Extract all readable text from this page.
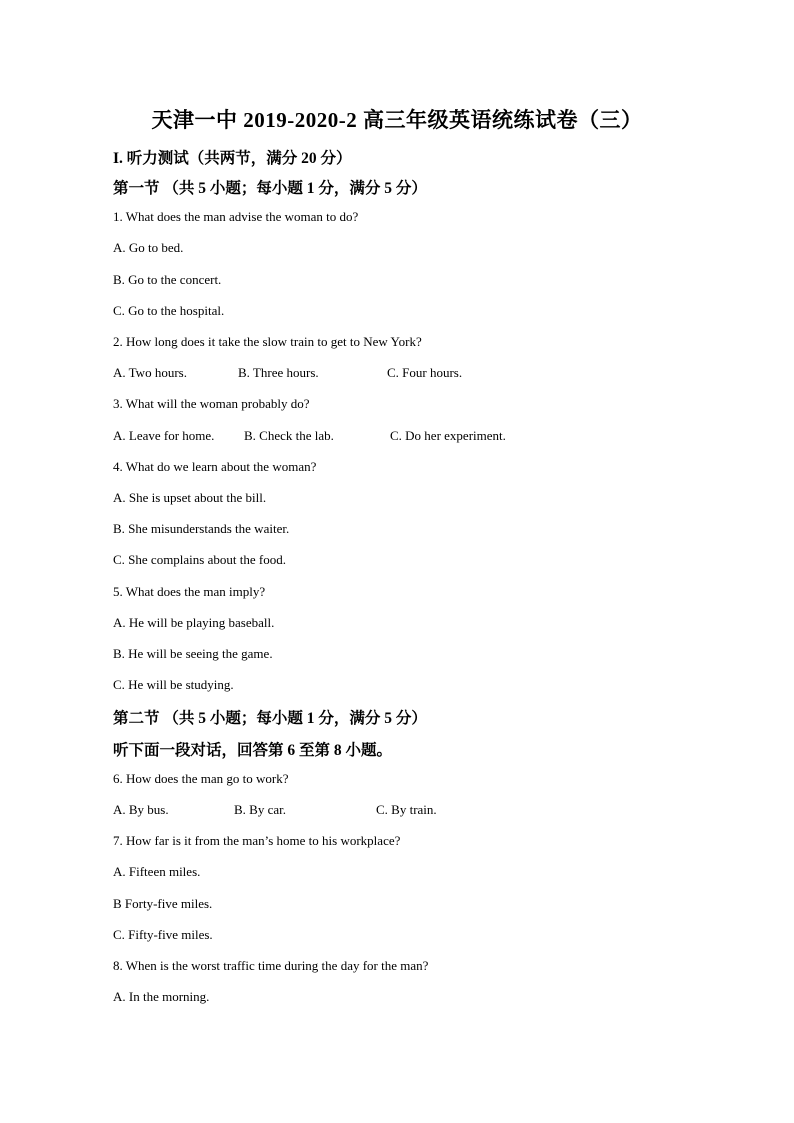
天津一中 2019-2020-2 高三年级英语统练试卷（三）
I. 听力测试（共两节，满分 20 分）
第一节 （共 5 小题；每小题 1 分，满分 5 分）
1. What does the man advise the woman to do?
A. Go to bed.
B. Go to the concert.
C. Go to the hospital.
2. How long does it take the slow train to get to New York?
A. Two hours.	B. Three hours.	C. Four hours.
3. What will the woman probably do?
A. Leave for home. B. Check the lab.	C. Do her experiment.
4. What do we learn about the woman?
A. She is upset about the bill.
B. She misunderstands the waiter.
C. She complains about the food.
5. What does the man imply?
A. He will be playing baseball.
B. He will be seeing the game.
C. He will be studying.
第二节 （共 5 小题；每小题 1 分，满分 5 分）
听下面一段对话，回答第 6 至第 8 小题。
6. How does the man go to work?
A. By bus.	B. By car.	C. By train.
7. How far is it from the man’s home to his workplace?
A. Fifteen miles.
B Forty-five miles.
C. Fifty-five miles.
8. When is the worst traffic time during the day for the man?
A. In the morning.
